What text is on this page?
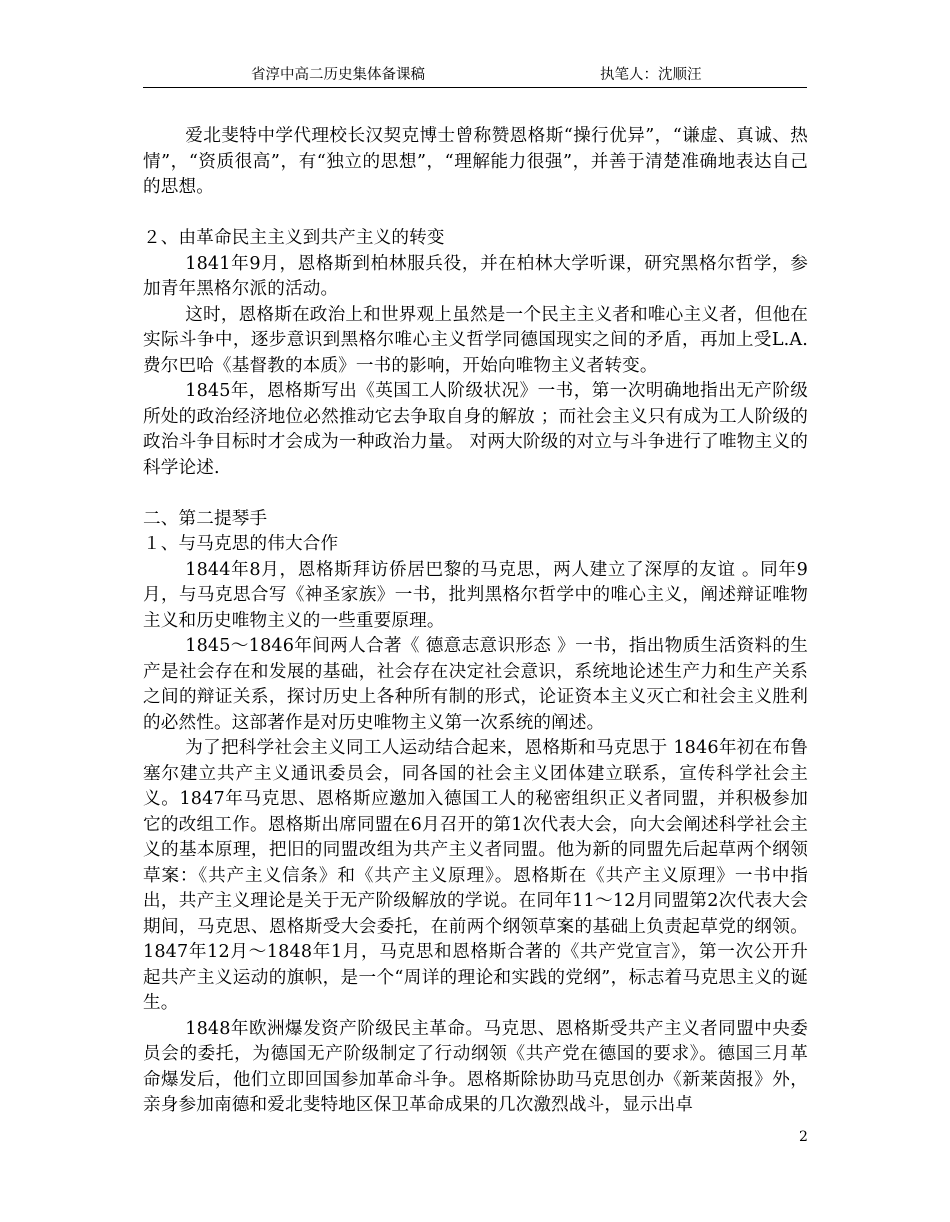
省淳中高二历史集体备课稿	执笔人：沈顺汪

爱北斐特中学代理校长汉契克博士曾称赞恩格斯“操行优异”，“谦虚、真诚、热情”，“资质很高”，有“独立的思想”，“理解能力很强”，并善于清楚准确地表达自己的思想。

２、由革命民主主义到共产主义的转变

1841年9月，恩格斯到柏林服兵役，并在柏林大学听课，研究黑格尔哲学，参加青年黑格尔派的活动。

这时，恩格斯在政治上和世界观上虽然是一个民主主义者和唯心主义者，但他在实际斗争中，逐步意识到黑格尔唯心主义哲学同德国现实之间的矛盾，再加上受L.A.费尔巴哈《基督教的本质》一书的影响，开始向唯物主义者转变。

1845年，恩格斯写出《英国工人阶级状况》一书，第一次明确地指出无产阶级所处的政治经济地位必然推动它去争取自身的解放 ；而社会主义只有成为工人阶级的政治斗争目标时才会成为一种政治力量。 对两大阶级的对立与斗争进行了唯物主义的科学论述.

二、第二提琴手

１、与马克思的伟大合作

1844年8月，恩格斯拜访侨居巴黎的马克思，两人建立了深厚的友谊 。同年9月，与马克思合写《神圣家族》一书，批判黑格尔哲学中的唯心主义，阐述辩证唯物主义和历史唯物主义的一些重要原理。

1845～1846年间两人合著《 德意志意识形态 》一书，指出物质生活资料的生产是社会存在和发展的基础，社会存在决定社会意识，系统地论述生产力和生产关系之间的辩证关系，探讨历史上各种所有制的形式，论证资本主义灭亡和社会主义胜利的必然性。这部著作是对历史唯物主义第一次系统的阐述。

为了把科学社会主义同工人运动结合起来，恩格斯和马克思于 1846年初在布鲁塞尔建立共产主义通讯委员会，同各国的社会主义团体建立联系，宣传科学社会主义。1847年马克思、恩格斯应邀加入德国工人的秘密组织正义者同盟，并积极参加它的改组工作。恩格斯出席同盟在6月召开的第1次代表大会，向大会阐述科学社会主义的基本原理，把旧的同盟改组为共产主义者同盟。他为新的同盟先后起草两个纲领草案：《共产主义信条》和《共产主义原理》。恩格斯在《共产主义原理》一书中指出，共产主义理论是关于无产阶级解放的学说。在同年11～12月同盟第2次代表大会期间，马克思、恩格斯受大会委托，在前两个纲领草案的基础上负责起草党的纲领。1847年12月～1848年1月，马克思和恩格斯合著的《共产党宣言》，第一次公开升起共产主义运动的旗帜，是一个“周详的理论和实践的党纲”，标志着马克思主义的诞生。

1848年欧洲爆发资产阶级民主革命。马克思、恩格斯受共产主义者同盟中央委员会的委托，为德国无产阶级制定了行动纲领《共产党在德国的要求》。德国三月革命爆发后，他们立即回国参加革命斗争。恩格斯除协助马克思创办《新莱茵报》外，亲身参加南德和爱北斐特地区保卫革命成果的几次激烈战斗，显示出卓

2
